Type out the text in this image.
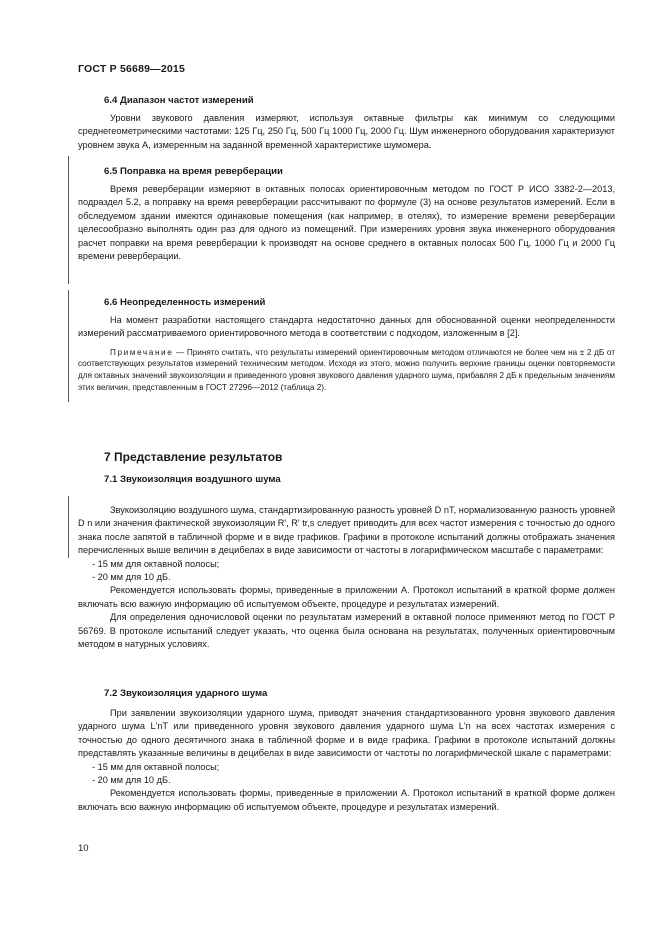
ГОСТ Р 56689—2015

6.4 Диапазон частот измерений

Уровни звукового давления измеряют, используя октавные фильтры как минимум со следующими среднегеометрическими частотами: 125 Гц, 250 Гц, 500 Гц 1000 Гц, 2000 Гц. Шум инженерного оборудования характеризуют уровнем звука A, измеренным на заданной временной характеристике шумомера.

6.5 Поправка на время реверберации

Время реверберации измеряют в октавных полосах ориентировочным методом по ГОСТ Р ИСО 3382-2—2013, подраздел 5.2, а поправку на время реверберации рассчитывают по формуле (3) на основе результатов измерений. Если в обследуемом здании имеются одинаковые помещения (как например, в отелях), то измерение времени реверберации целесообразно выполнять один раз для одного из помещений. При измерениях уровня звука инженерного оборудования расчет поправки на время реверберации k производят на основе среднего в октавных полосах 500 Гц, 1000 Гц и 2000 Гц времени реверберации.

6.6 Неопределенность измерений

На момент разработки настоящего стандарта недостаточно данных для обоснованной оценки неопределенности измерений рассматриваемого ориентировочного метода в соответствии с подходом, изложенным в [2].

Примечание — Принято считать, что результаты измерений ориентировочным методом отличаются не более чем на ± 2 дБ от соответствующих результатов измерений техническим методом. Исходя из этого, можно получить верхние границы оценки повторяемости для октавных значений звукоизоляции и приведенного уровня звукового давления ударного шума, прибавляя 2 дБ к предельным значениям этих величин, представленным в ГОСТ 27296—2012 (таблица 2).

7 Представление результатов

7.1 Звукоизоляция воздушного шума

Звукоизоляцию воздушного шума, стандартизированную разность уровней D nT, нормализованную разность уровней D n или значения фактической звукоизоляции R', R' tr,s следует приводить для всех частот измерения с точностью до одного знака после запятой в табличной форме и в виде графиков. Графики в протоколе испытаний должны отображать значения перечисленных выше величин в децибелах в виде зависимости от частоты в логарифмическом масштабе с параметрами:

- 15 мм для октавной полосы;

- 20 мм для 10 дБ.

Рекомендуется использовать формы, приведенные в приложении А. Протокол испытаний в краткой форме должен включать всю важную информацию об испытуемом объекте, процедуре и результатах измерений.

Для определения одночисловой оценки по результатам измерений в октавной полосе применяют метод по ГОСТ Р 56769. В протоколе испытаний следует указать, что оценка была основана на результатах, полученных ориентировочным методом в натурных условиях.

7.2 Звукоизоляция ударного шума

При заявлении звукоизоляции ударного шума, приводят значения стандартизованного уровня звукового давления ударного шума L'nT или приведенного уровня звукового давления ударного шума L'n на всех частотах измерения с точностью до одного десятичного знака в табличной форме и в виде графика. Графики в протоколе испытаний должны представлять указанные величины в децибелах в виде зависимости от частоты по логарифмической шкале с параметрами:

- 15 мм для октавной полосы;

- 20 мм для 10 дБ.

Рекомендуется использовать формы, приведенные в приложении А. Протокол испытаний в краткой форме должен включать всю важную информацию об испытуемом объекте, процедуре и результатах измерений.

10
